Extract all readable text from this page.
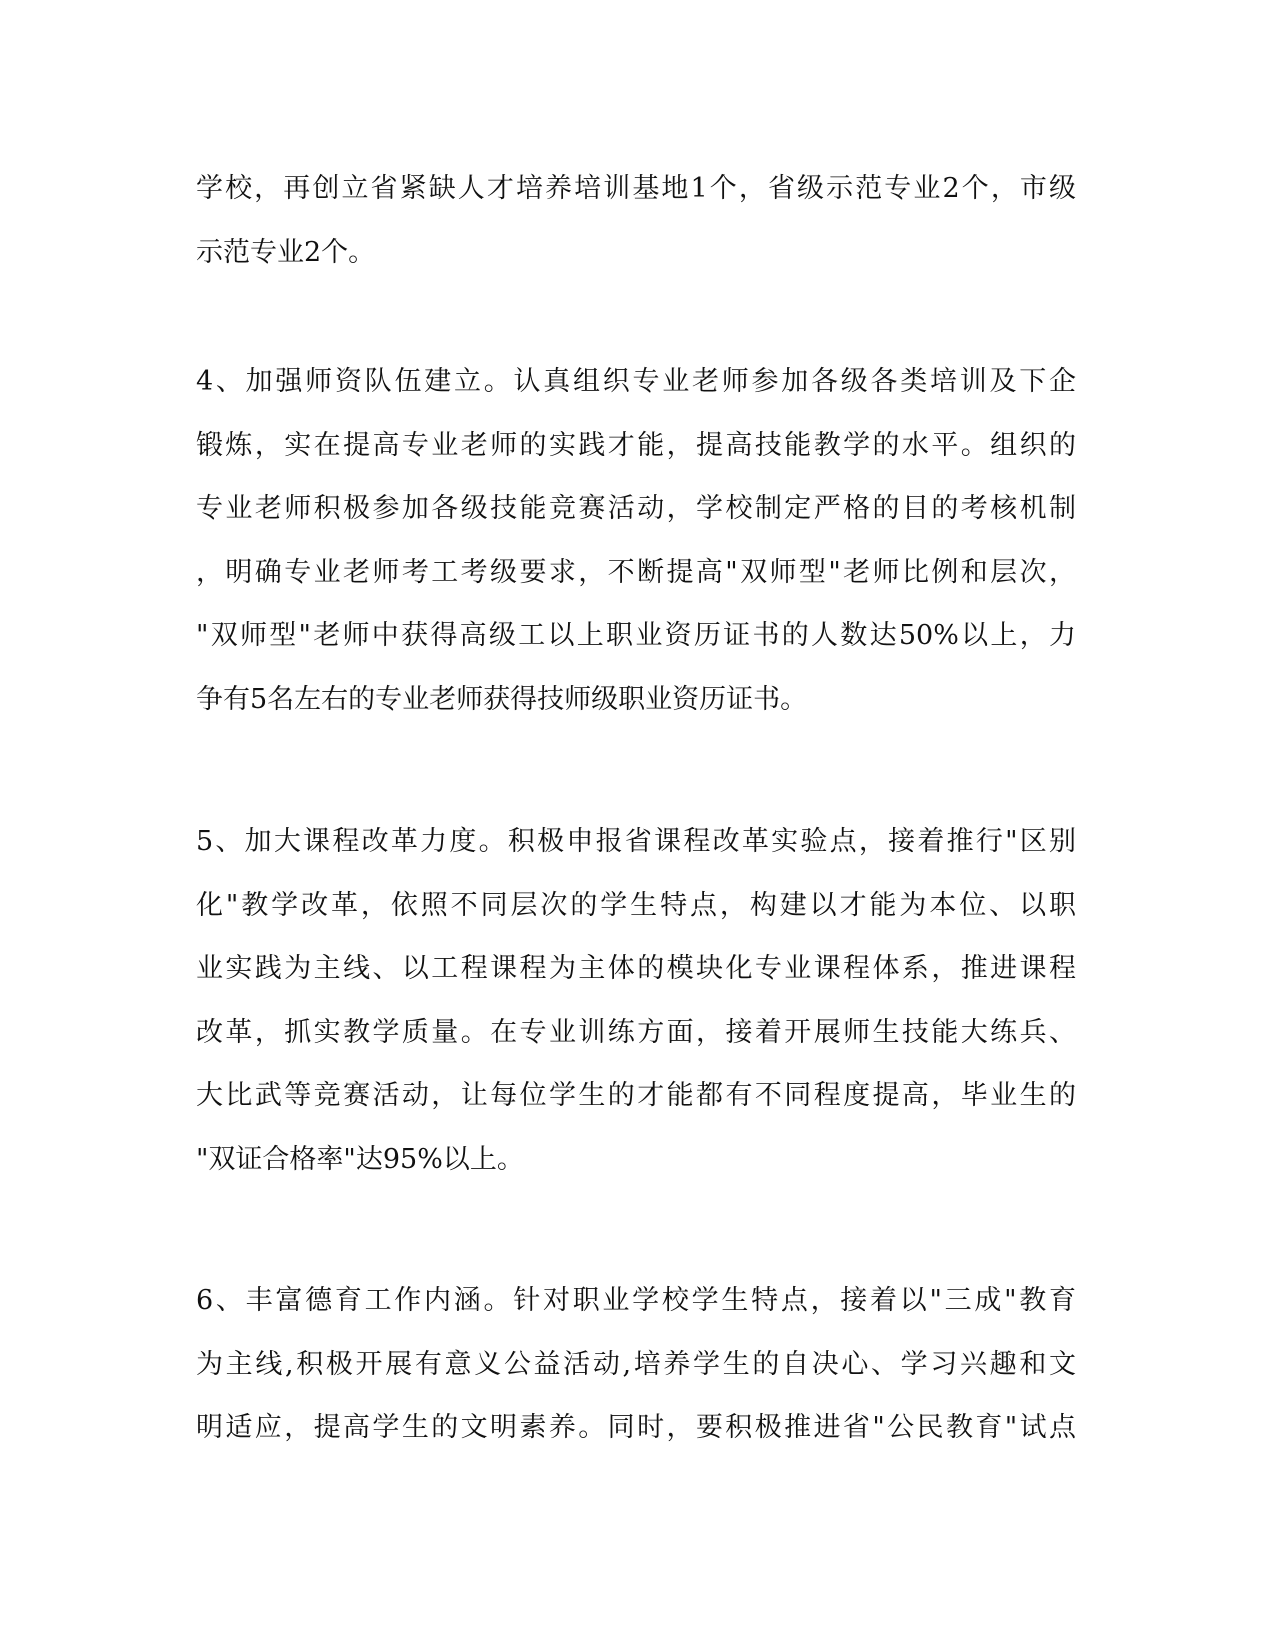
学校，再创立省紧缺人才培养培训基地1个，省级示范专业2个，市级
示范专业2个。
4、加强师资队伍建立。认真组织专业老师参加各级各类培训及下企
锻炼，实在提高专业老师的实践才能，提高技能教学的水平。组织的
专业老师积极参加各级技能竞赛活动，学校制定严格的目的考核机制
，明确专业老师考工考级要求，不断提高"双师型"老师比例和层次，
"双师型"老师中获得高级工以上职业资历证书的人数达50%以上，力
争有5名左右的专业老师获得技师级职业资历证书。
5、加大课程改革力度。积极申报省课程改革实验点，接着推行"区别
化"教学改革，依照不同层次的学生特点，构建以才能为本位、以职
业实践为主线、以工程课程为主体的模块化专业课程体系，推进课程
改革，抓实教学质量。在专业训练方面，接着开展师生技能大练兵、
大比武等竞赛活动，让每位学生的才能都有不同程度提高，毕业生的
"双证合格率"达95%以上。
6、丰富德育工作内涵。针对职业学校学生特点，接着以"三成"教育
为主线,积极开展有意义公益活动,培养学生的自决心、学习兴趣和文
明适应，提高学生的文明素养。同时，要积极推进省"公民教育"试点
